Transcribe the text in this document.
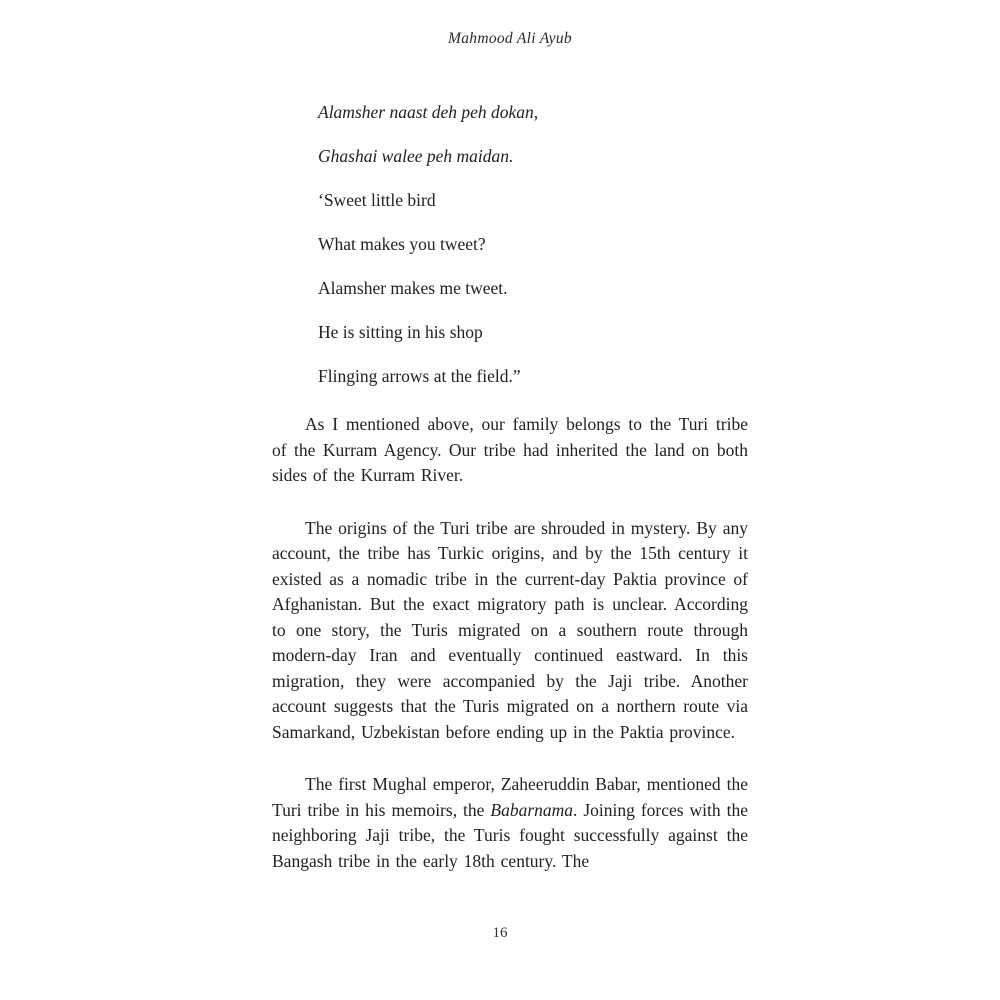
Mahmood Ali Ayub
Alamsher naast deh peh dokan,
Ghashai walee peh maidan.
‘Sweet little bird
What makes you tweet?
Alamsher makes me tweet.
He is sitting in his shop
Flinging arrows at the field.”

As I mentioned above, our family belongs to the Turi tribe of the Kurram Agency. Our tribe had inherited the land on both sides of the Kurram River.

The origins of the Turi tribe are shrouded in mystery. By any account, the tribe has Turkic origins, and by the 15th century it existed as a nomadic tribe in the current-day Paktia province of Afghanistan. But the exact migratory path is unclear. According to one story, the Turis migrated on a southern route through modern-day Iran and eventually continued eastward. In this migration, they were accompanied by the Jaji tribe. Another account suggests that the Turis migrated on a northern route via Samarkand, Uzbekistan before ending up in the Paktia province.

The first Mughal emperor, Zaheeruddin Babar, mentioned the Turi tribe in his memoirs, the Babarnama. Joining forces with the neighboring Jaji tribe, the Turis fought successfully against the Bangash tribe in the early 18th century. The

16
